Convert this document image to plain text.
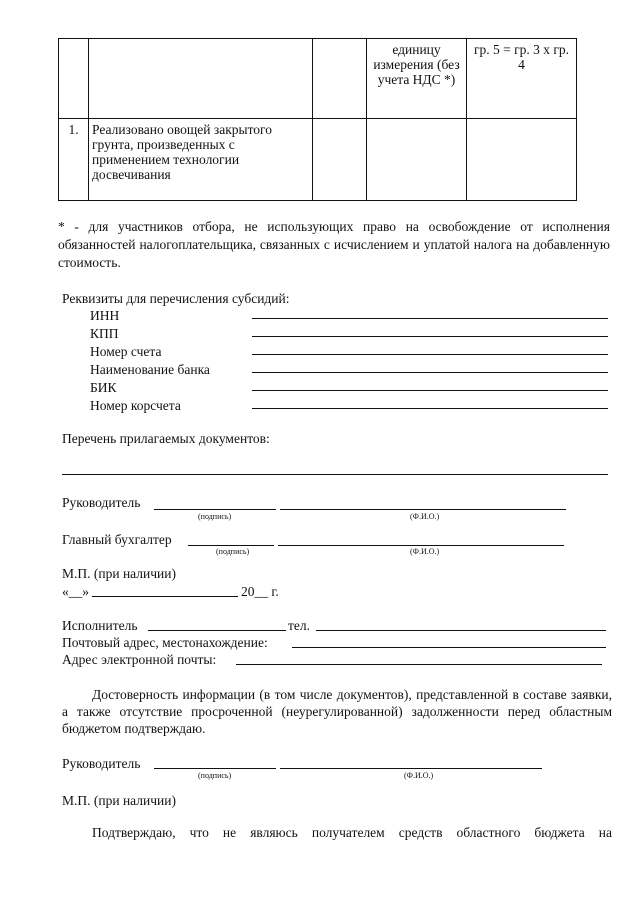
			единицу измерения (без учета НДС *)	гр. 5 = гр. 3 х гр. 4
1.	Реализовано овощей закрытого грунта, произведенных с применением технологии досвечивания			
* - для участников отбора, не использующих право на освобождение от исполнения обязанностей налогоплательщика, связанных с исчислением и уплатой налога на добавленную стоимость.
Реквизиты для перечисления субсидий:
ИНН
КПП
Номер счета
Наименование банка
БИК
Номер корсчета
Перечень прилагаемых документов:
Руководитель
(подпись)	(Ф.И.О.)
Главный бухгалтер
(подпись)	(Ф.И.О.)
М.П. (при наличии)
«__»	20__ г.
Исполнитель	тел.
Почтовый адрес, местонахождение:
Адрес электронной почты:
Достоверность информации (в том числе документов), представленной в составе заявки, а также отсутствие просроченной (неурегулированной) задолженности перед областным бюджетом подтверждаю.
Руководитель
(подпись)	(Ф.И.О.)
М.П. (при наличии)
Подтверждаю, что не являюсь получателем средств областного бюджета на
